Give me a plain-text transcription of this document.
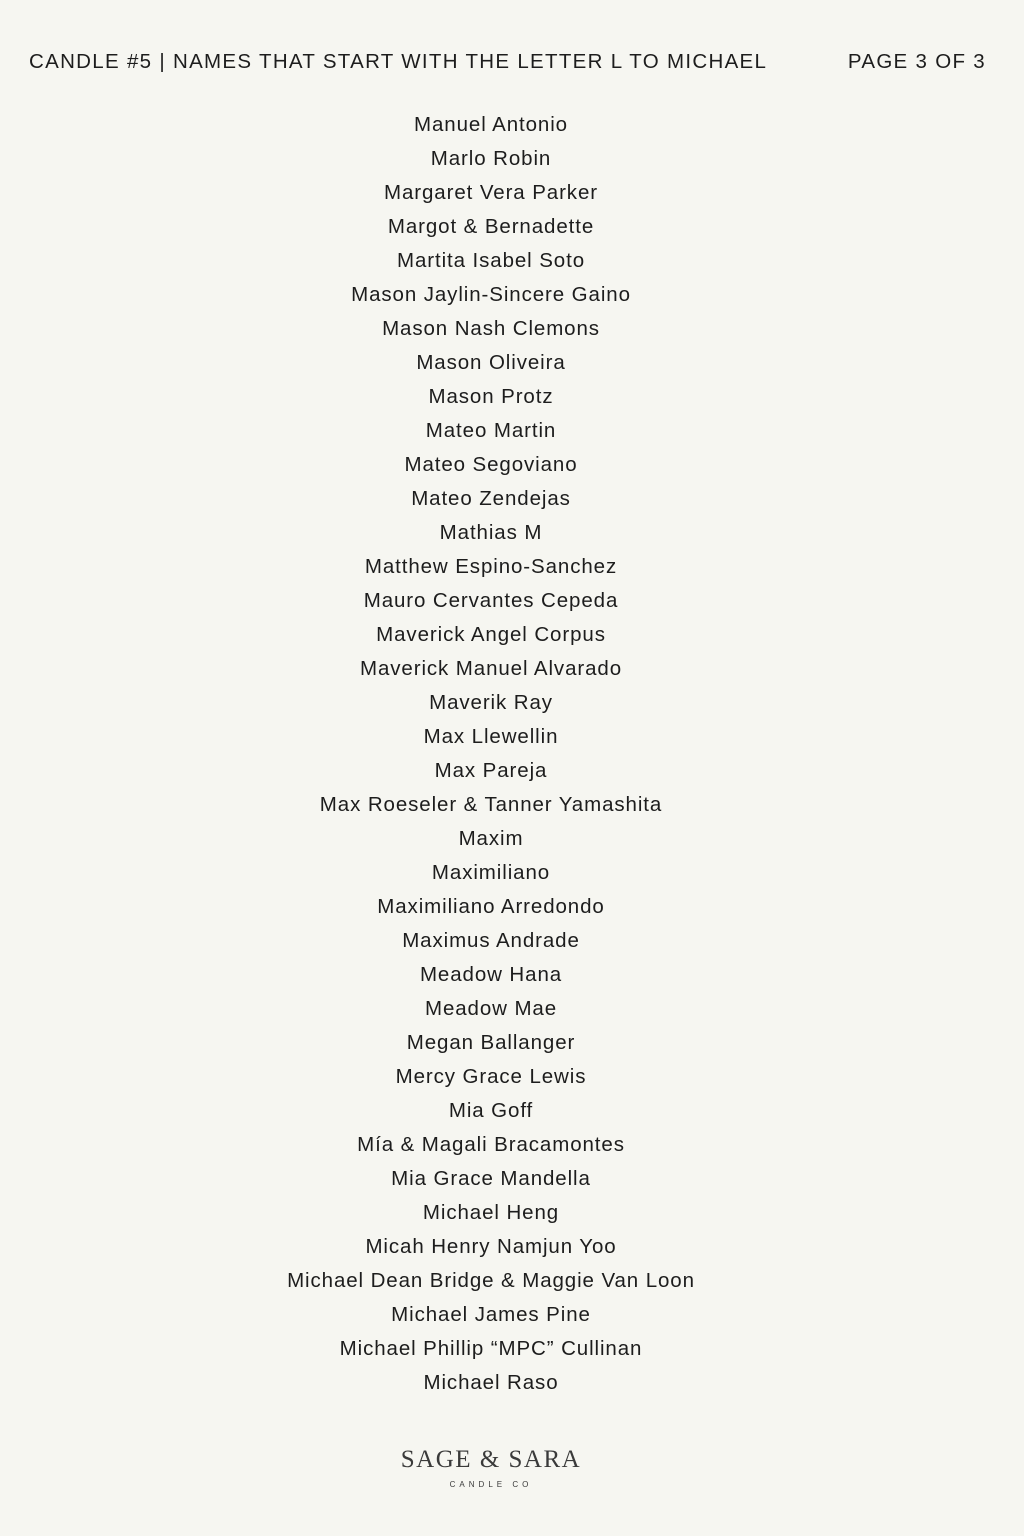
CANDLE #5 | NAMES THAT START WITH THE LETTER L TO MICHAEL	PAGE 3 OF 3
Manuel Antonio
Marlo Robin
Margaret Vera Parker
Margot & Bernadette
Martita Isabel Soto
Mason Jaylin-Sincere Gaino
Mason Nash Clemons
Mason Oliveira
Mason Protz
Mateo Martin
Mateo Segoviano
Mateo Zendejas
Mathias M
Matthew Espino-Sanchez
Mauro Cervantes Cepeda
Maverick Angel Corpus
Maverick Manuel Alvarado
Maverik Ray
Max Llewellin
Max Pareja
Max Roeseler & Tanner Yamashita
Maxim
Maximiliano
Maximiliano Arredondo
Maximus Andrade
Meadow Hana
Meadow Mae
Megan Ballanger
Mercy Grace Lewis
Mia Goff
Mía & Magali Bracamontes
Mia Grace Mandella
Michael Heng
Micah Henry Namjun Yoo
Michael Dean Bridge & Maggie Van Loon
Michael James Pine
Michael Phillip “MPC” Cullinan
Michael Raso
SAGE & SARA
CANDLE CO
